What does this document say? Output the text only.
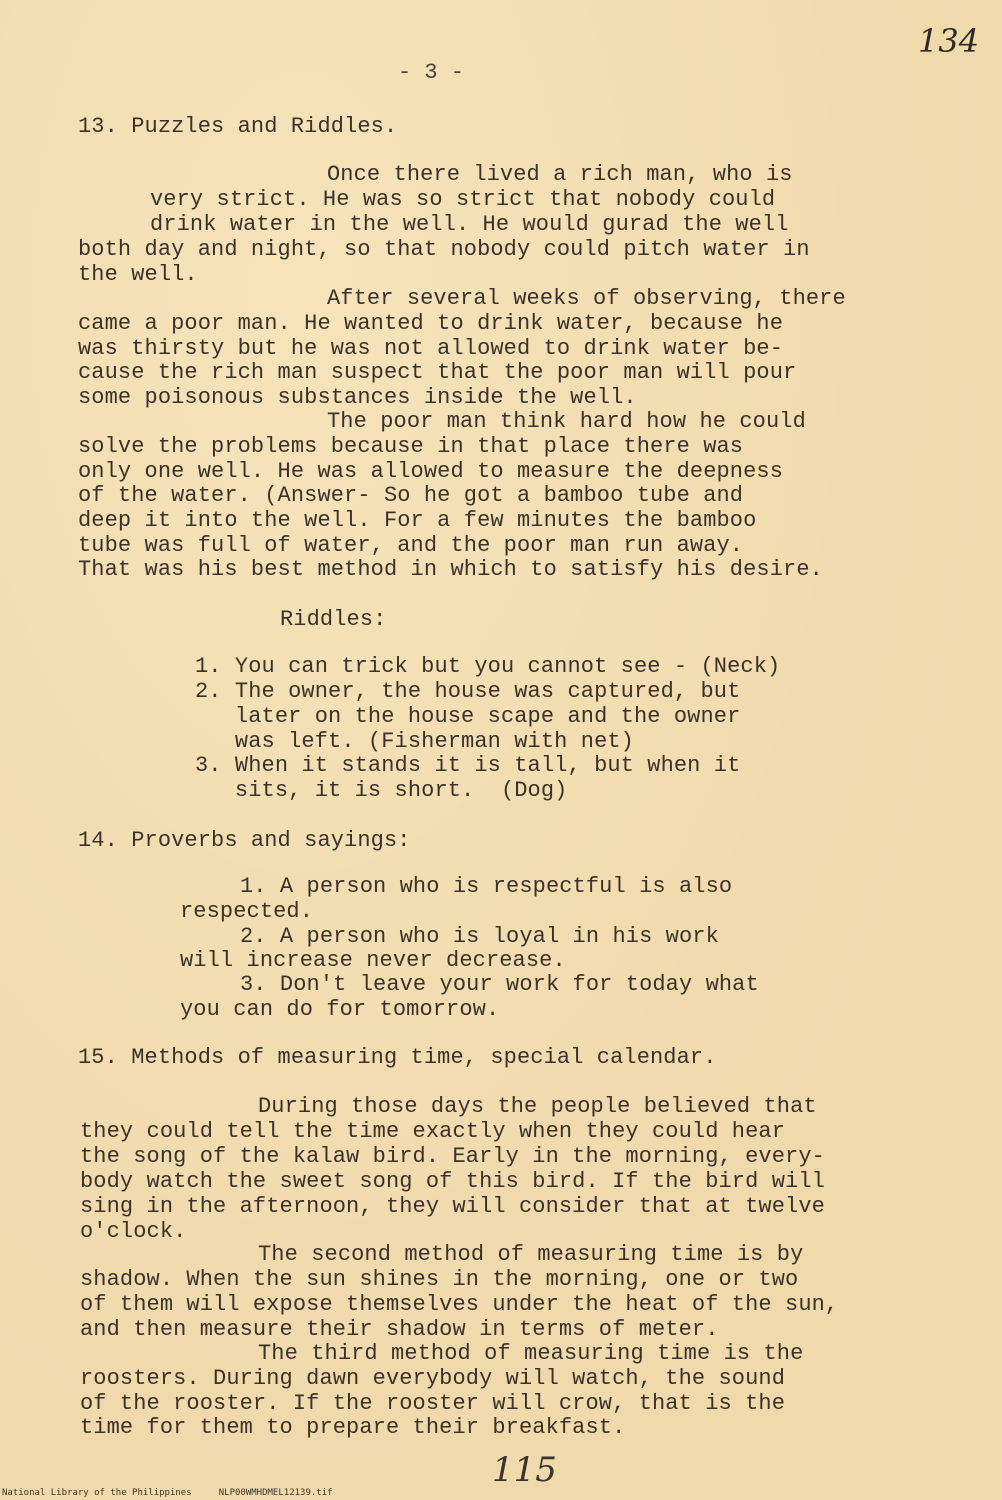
134
- 3 -
13. Puzzles and Riddles.
Once there lived a rich man, who is
very strict. He was so strict that nobody could
drink water in the well. He would gurad the well
both day and night, so that nobody could pitch water in
the well.
After several weeks of observing, there
came a poor man. He wanted to drink water, because he
was thirsty but he was not allowed to drink water be-
cause the rich man suspect that the poor man will pour
some poisonous substances inside the well.
The poor man think hard how he could
solve the problems because in that place there was
only one well. He was allowed to measure the deepness
of the water. (Answer- So he got a bamboo tube and
deep it into the well. For a few minutes the bamboo
tube was full of water, and the poor man run away.
That was his best method in which to satisfy his desire.
Riddles:
1. You can trick but you cannot see - (Neck)
2. The owner, the house was captured, but
later on the house scape and the owner
was left. (Fisherman with net)
3. When it stands it is tall, but when it
sits, it is short.  (Dog)
14. Proverbs and sayings:
1. A person who is respectful is also
respected.
2. A person who is loyal in his work
will increase never decrease.
3. Don't leave your work for today what
you can do for tomorrow.
15. Methods of measuring time, special calendar.
During those days the people believed that
they could tell the time exactly when they could hear
the song of the kalaw bird. Early in the morning, every-
body watch the sweet song of this bird. If the bird will
sing in the afternoon, they will consider that at twelve
o'clock.
The second method of measuring time is by
shadow. When the sun shines in the morning, one or two
of them will expose themselves under the heat of the sun,
and then measure their shadow in terms of meter.
The third method of measuring time is the
roosters. During dawn everybody will watch, the sound
of the rooster. If the rooster will crow, that is the
time for them to prepare their breakfast.
115
National Library of the Philippines	NLP00WMHDMEL12139.tif
